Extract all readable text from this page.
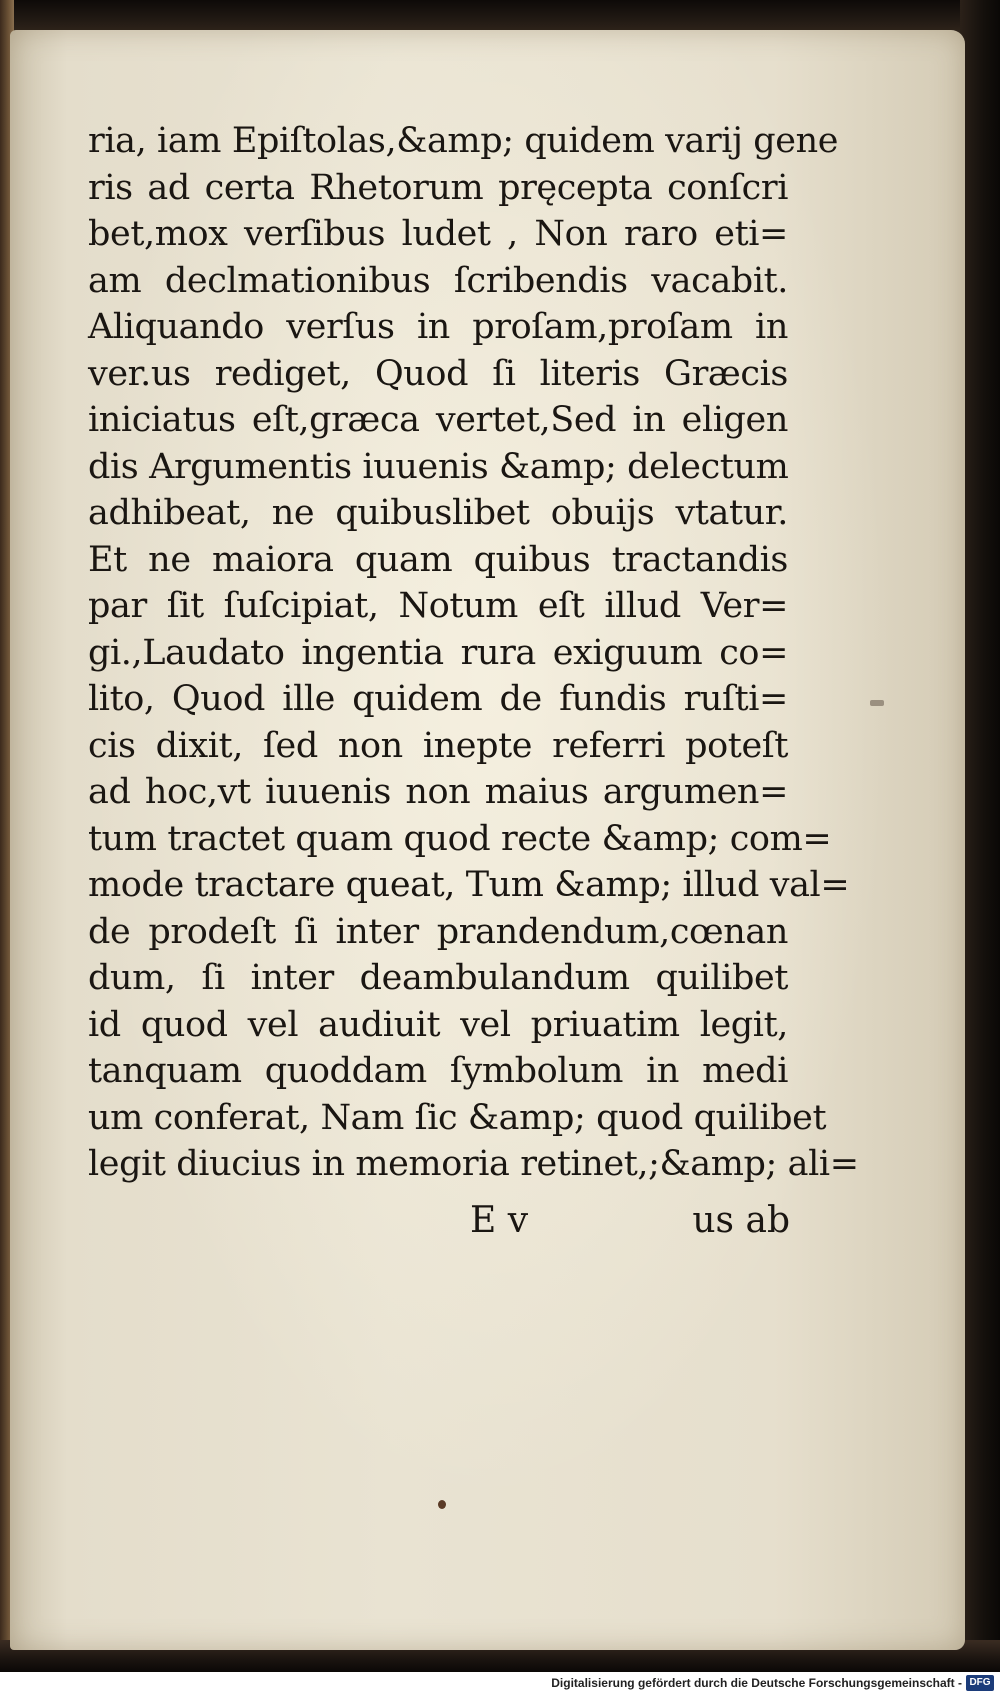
ria, iam Epiſtolas,&amp; quidem varij gene
ris ad certa Rhetorum pręcepta conſcri
bet,mox verſibus ludet , Non raro eti=
am declmationibus ſcribendis vacabit.
Aliquando verſus in proſam,proſam in
ver.us rediget, Quod ſi literis Græcis
iniciatus eſt,græca vertet,Sed in eligen
dis Argumentis iuuenis &amp; delectum
adhibeat, ne quibuslibet obuijs vtatur.
Et ne maiora quam quibus tractandis
par ſit ſuſcipiat, Notum eſt illud Ver=
gi.,Laudato ingentia rura exiguum co=
lito, Quod ille quidem de fundis ruſti=
cis dixit, ſed non inepte referri poteſt
ad hoc,vt iuuenis non maius argumen=
tum tractet quam quod recte &amp; com=
mode tractare queat, Tum &amp; illud val=
de prodeſt ſi inter prandendum,cœnan
dum, ſi inter deambulandum quilibet
id quod vel audiuit vel priuatim legit,
tanquam quoddam ſymbolum in medi
um conferat, Nam ſic &amp; quod quilibet
legit diucius in memoria retinet,;&amp; ali=
E v	us ab
Digitalisierung gefördert durch die Deutsche Forschungsgemeinschaft - DFG
